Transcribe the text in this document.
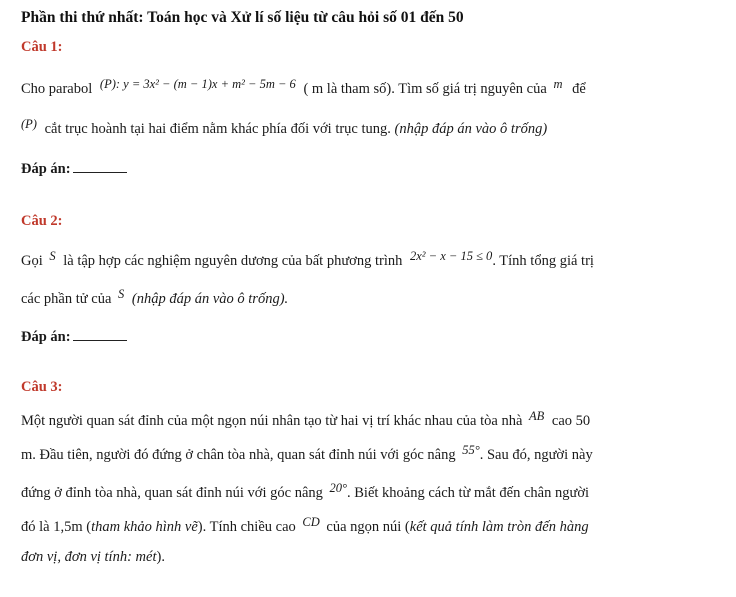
Phần thi thứ nhất: Toán học và Xử lí số liệu từ câu hỏi số 01 đến 50
Câu 1:
Cho parabol (P): y = 3x² − (m − 1)x + m² − 5m − 6 ( m là tham số). Tìm số giá trị nguyên của m để
(P) cắt trục hoành tại hai điểm nằm khác phía đối với trục tung. (nhập đáp án vào ô trống)
Đáp án:
Câu 2:
Gọi S là tập hợp các nghiệm nguyên dương của bất phương trình 2x² − x − 15 ≤ 0. Tính tổng giá trị
các phần tử của S (nhập đáp án vào ô trống).
Đáp án:
Câu 3:
Một người quan sát đỉnh của một ngọn núi nhân tạo từ hai vị trí khác nhau của tòa nhà AB cao 50
m. Đầu tiên, người đó đứng ở chân tòa nhà, quan sát đỉnh núi với góc nâng 55°. Sau đó, người này
đứng ở đỉnh tòa nhà, quan sát đỉnh núi với góc nâng 20°. Biết khoảng cách từ mắt đến chân người
đó là 1,5m (tham khảo hình vẽ). Tính chiều cao CD của ngọn núi (kết quả tính làm tròn đến hàng
đơn vị, đơn vị tính: mét).
